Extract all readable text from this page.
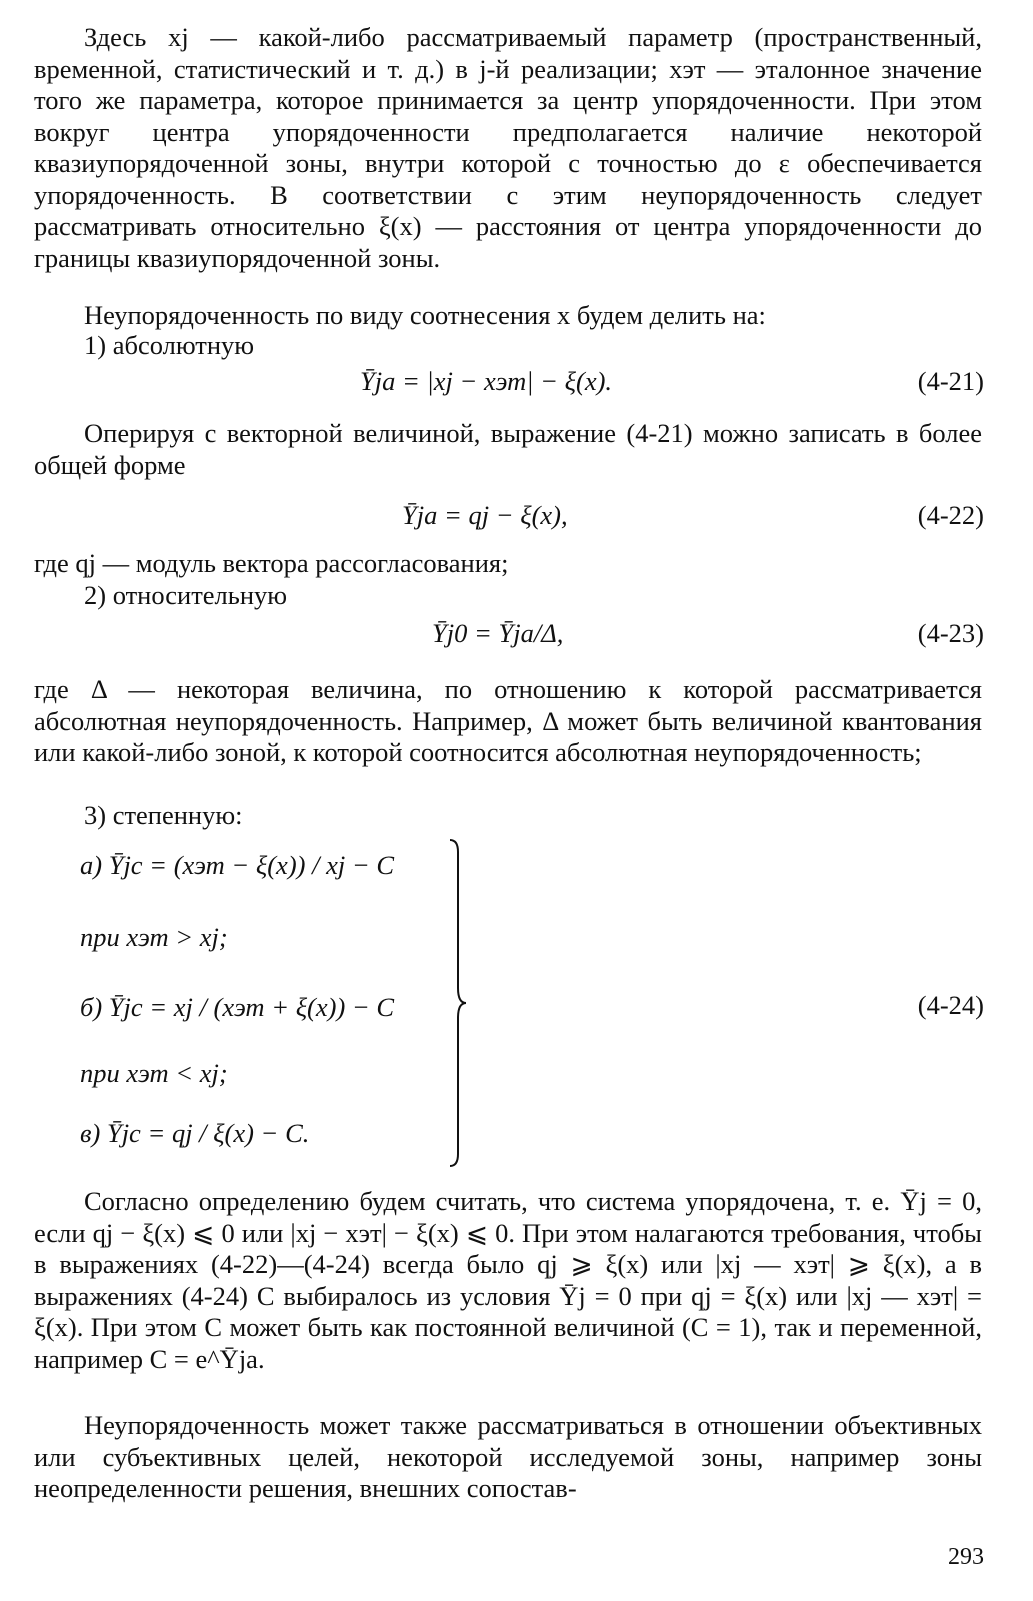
Здесь xj — какой-либо рассматриваемый параметр (пространственный, временной, статистический и т. д.) в j-й реализации; xэт — эталонное значение того же параметра, которое принимается за центр упорядоченности. При этом вокруг центра упорядоченности предполагается наличие некоторой квазиупорядоченной зоны, внутри которой с точностью до ε обеспечивается упорядоченность. В соответствии с этим неупорядоченность следует рассматривать относительно ξ(x) — расстояния от центра упорядоченности до границы квазиупорядоченной зоны.
Неупорядоченность по виду соотнесения x будем делить на:
1) абсолютную
Ȳja = |xj − xэт| − ξ(x).	(4-21)
Оперируя с векторной величиной, выражение (4-21) можно записать в более общей форме
Ȳja = qj − ξ(x),	(4-22)
где qj — модуль вектора рассогласования;
2) относительную
Ȳj0 = Ȳja/Δ,	(4-23)
где Δ — некоторая величина, по отношению к которой рассматривается абсолютная неупорядоченность. Например, Δ может быть величиной квантования или какой-либо зоной, к которой соотносится абсолютная неупорядоченность;
3) степенную:
а) Ȳjc = (xэт − ξ(x)) / xj − C
при xэт > xj;
б) Ȳjc = xj / (xэт + ξ(x)) − C
при xэт < xj;
в) Ȳjc = qj / ξ(x) − C.
(4-24)
Согласно определению будем считать, что система упорядочена, т. е. Ȳj = 0, если qj − ξ(x) ⩽ 0 или |xj − xэт| − ξ(x) ⩽ 0. При этом налагаются требования, чтобы в выражениях (4-22)—(4-24) всегда было qj ⩾ ξ(x) или |xj — xэт| ⩾ ξ(x), а в выражениях (4-24) C выбиралось из условия Ȳj = 0 при qj = ξ(x) или |xj — xэт| = ξ(x). При этом C может быть как постоянной величиной (C = 1), так и переменной, например C = e^Ȳja.
Неупорядоченность может также рассматриваться в отношении объективных или субъективных целей, некоторой исследуемой зоны, например зоны неопределенности решения, внешних сопостав-
293
